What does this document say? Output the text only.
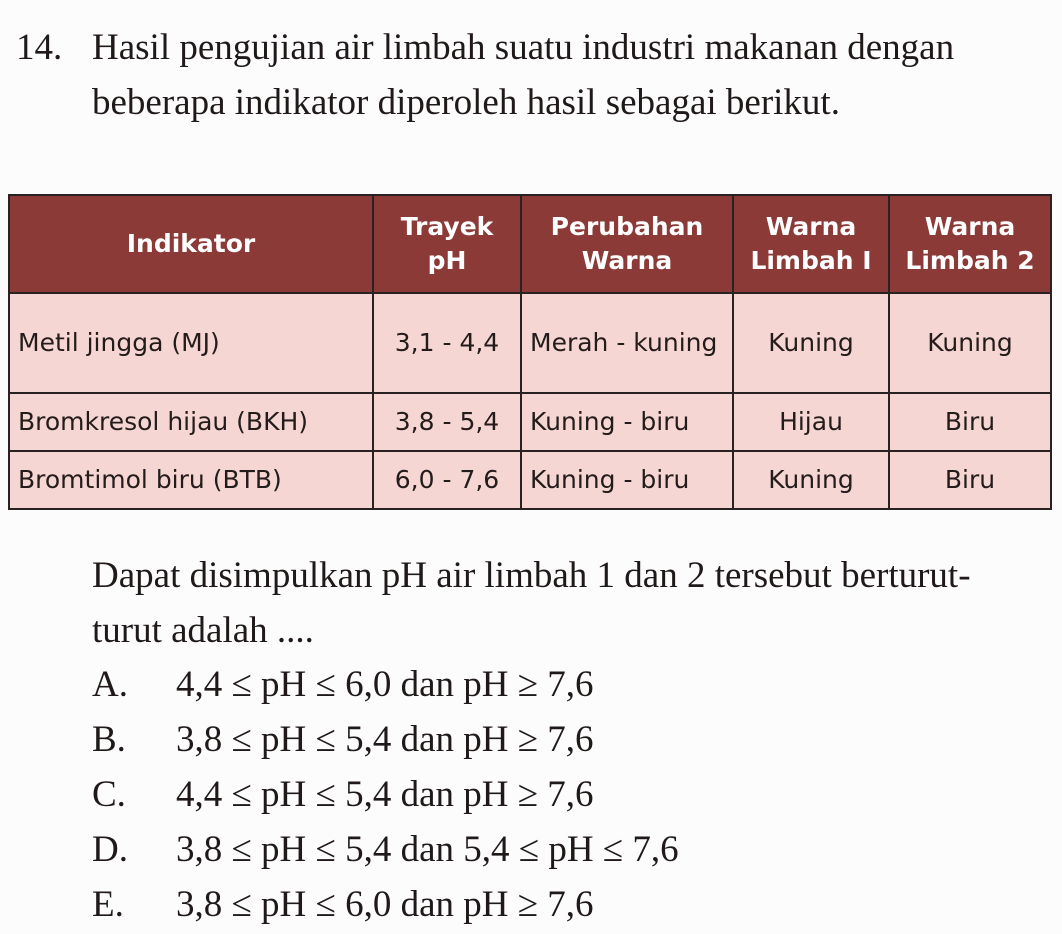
14. Hasil pengujian air limbah suatu industri makanan dengan beberapa indikator diperoleh hasil sebagai berikut.
Indikator	Trayek pH	Perubahan Warna	Warna Limbah I	Warna Limbah 2
Metil jingga (MJ)	3,1 - 4,4	Merah - kuning	Kuning	Kuning
Bromkresol hijau (BKH)	3,8 - 5,4	Kuning - biru	Hijau	Biru
Bromtimol biru (BTB)	6,0 - 7,6	Kuning - biru	Kuning	Biru
Dapat disimpulkan pH air limbah 1 dan 2 tersebut berturut-turut adalah ....
A.	4,4 ≤ pH ≤ 6,0 dan pH ≥ 7,6
B.	3,8 ≤ pH ≤ 5,4 dan pH ≥ 7,6
C.	4,4 ≤ pH ≤ 5,4 dan pH ≥ 7,6
D.	3,8 ≤ pH ≤ 5,4 dan 5,4 ≤ pH ≤ 7,6
E.	3,8 ≤ pH ≤ 6,0 dan pH ≥ 7,6
